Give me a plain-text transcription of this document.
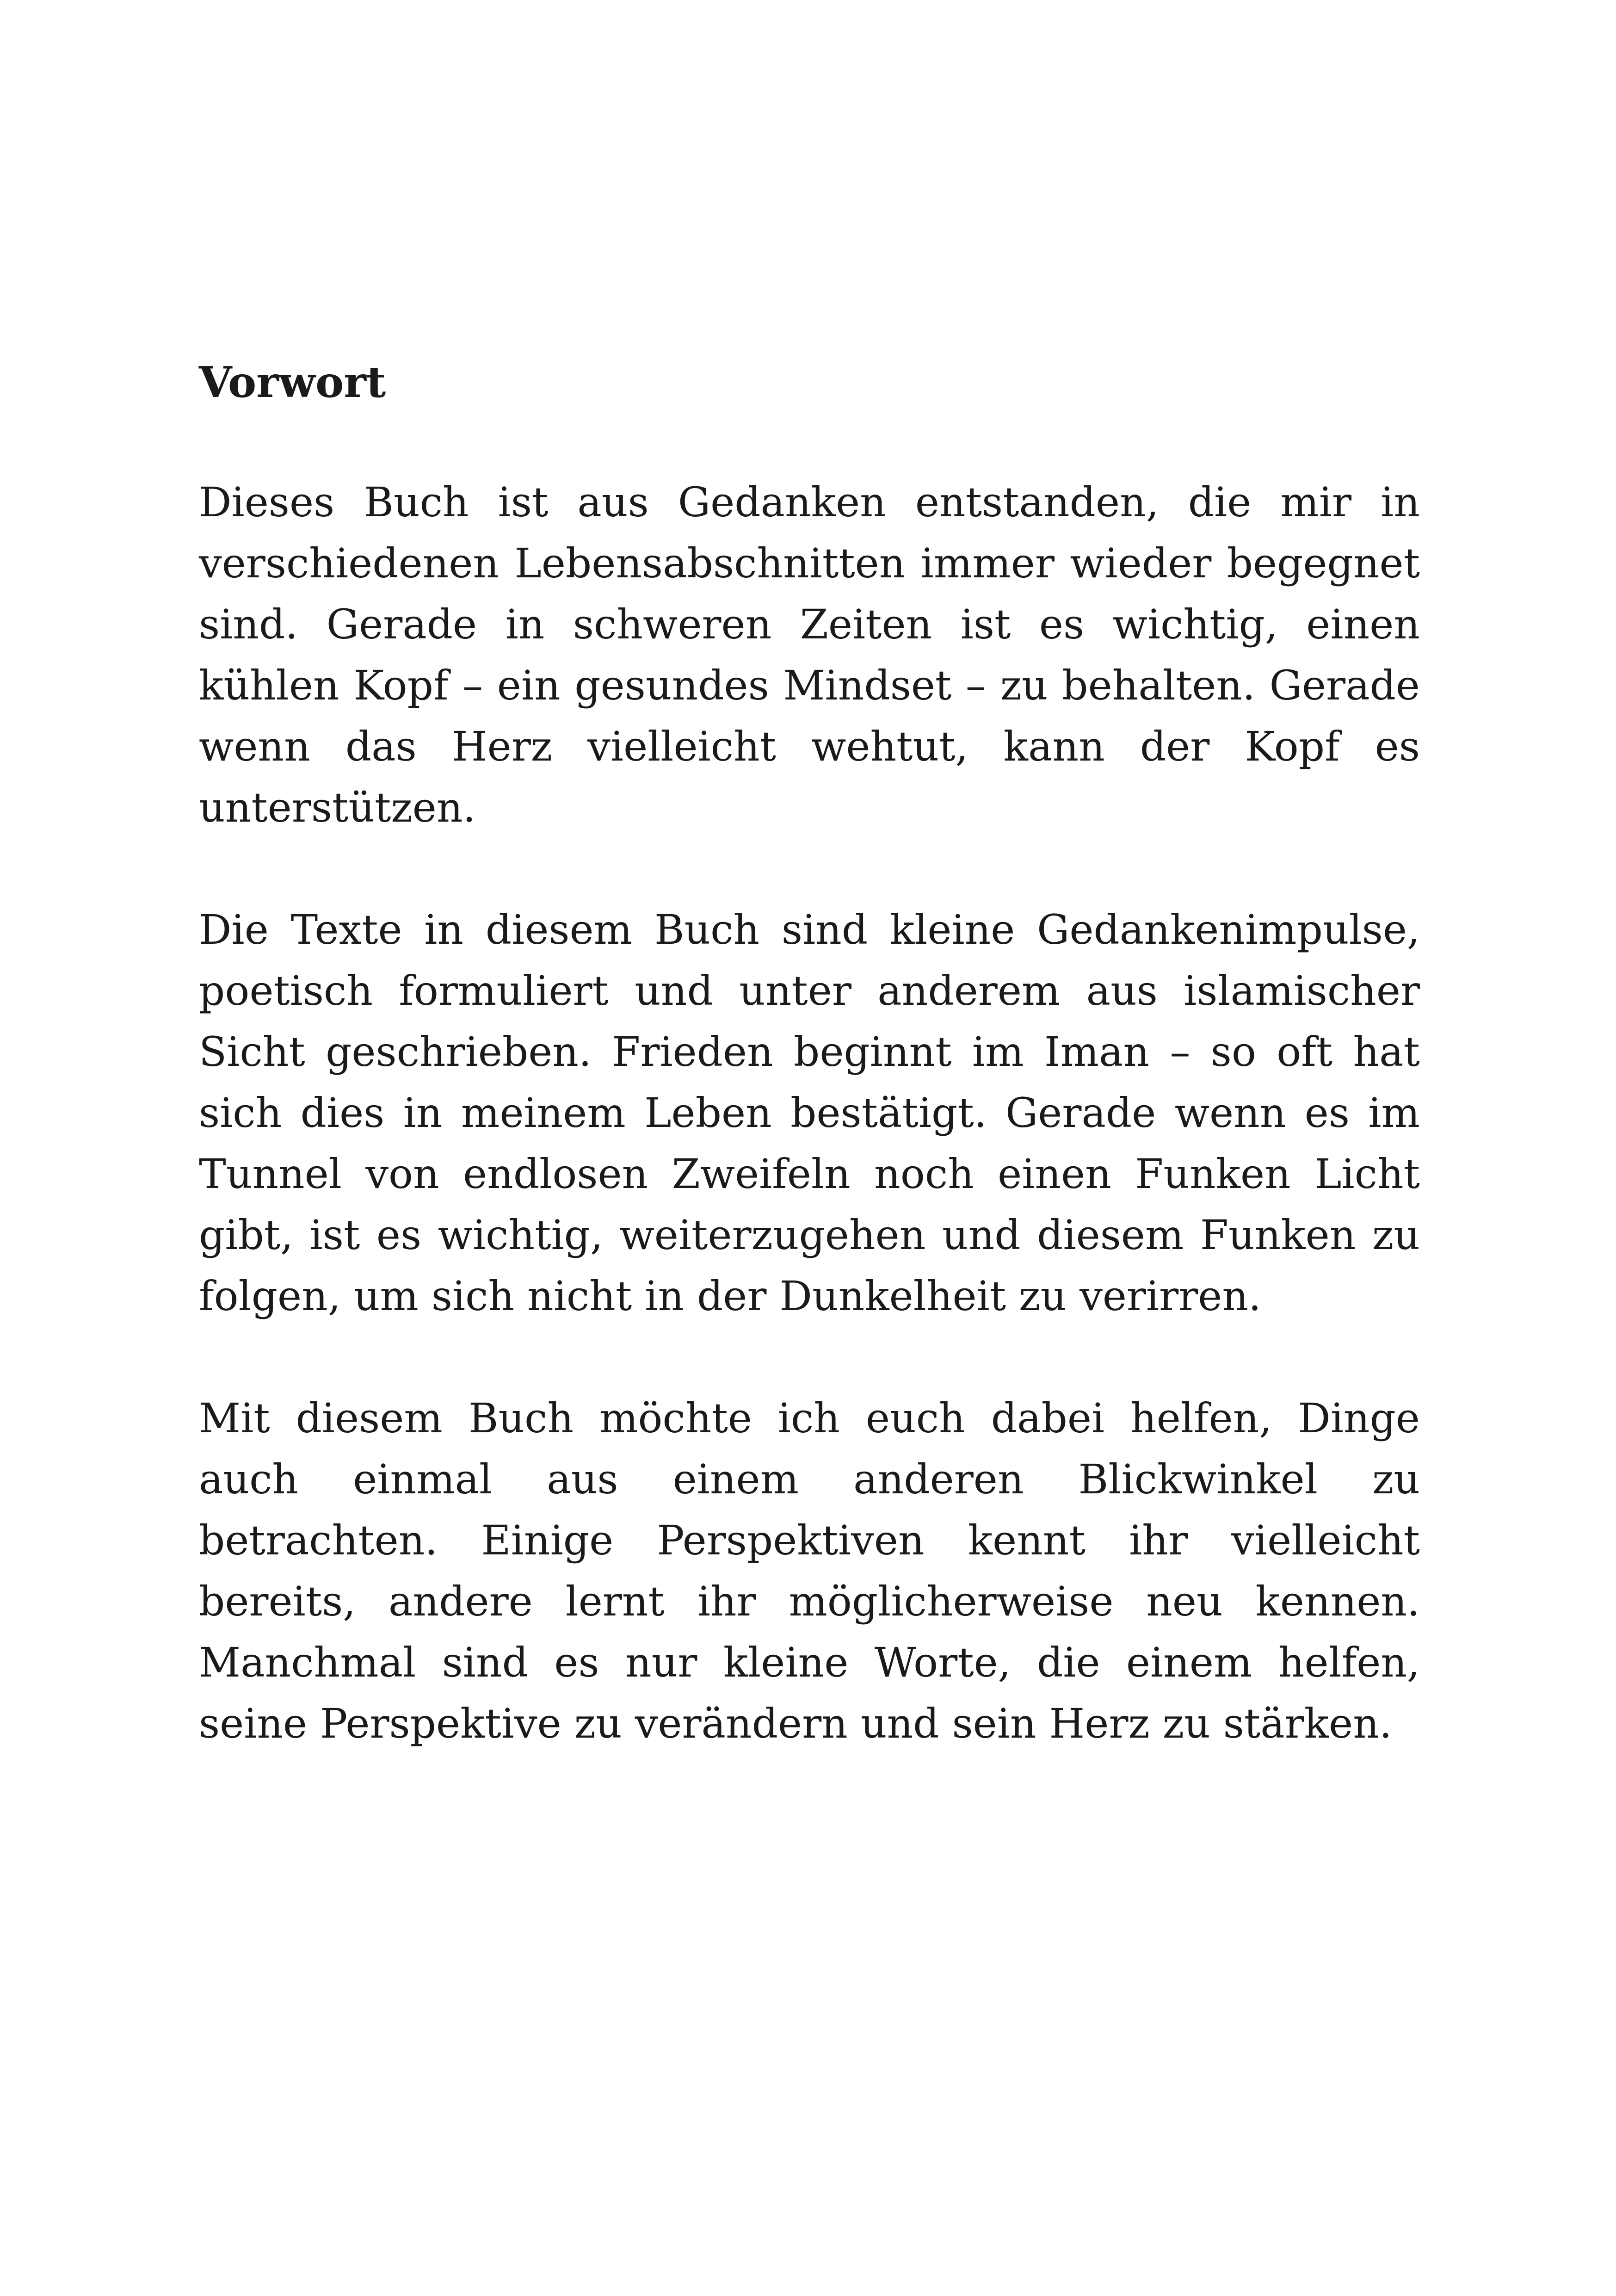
Vorwort

Dieses Buch ist aus Gedanken entstanden, die mir in verschiedenen Lebensabschnitten immer wieder begegnet sind. Gerade in schweren Zeiten ist es wichtig, einen kühlen Kopf – ein gesundes Mindset – zu behalten. Gerade wenn das Herz vielleicht wehtut, kann der Kopf es unterstützen.

Die Texte in diesem Buch sind kleine Gedankenimpulse, poetisch formuliert und unter anderem aus islamischer Sicht geschrieben. Frieden beginnt im Iman – so oft hat sich dies in meinem Leben bestätigt. Gerade wenn es im Tunnel von endlosen Zweifeln noch einen Funken Licht gibt, ist es wichtig, weiterzugehen und diesem Funken zu folgen, um sich nicht in der Dunkelheit zu verirren.

Mit diesem Buch möchte ich euch dabei helfen, Dinge auch einmal aus einem anderen Blickwinkel zu betrachten. Einige Perspektiven kennt ihr vielleicht bereits, andere lernt ihr möglicherweise neu kennen. Manchmal sind es nur kleine Worte, die einem helfen, seine Perspektive zu verändern und sein Herz zu stärken.
